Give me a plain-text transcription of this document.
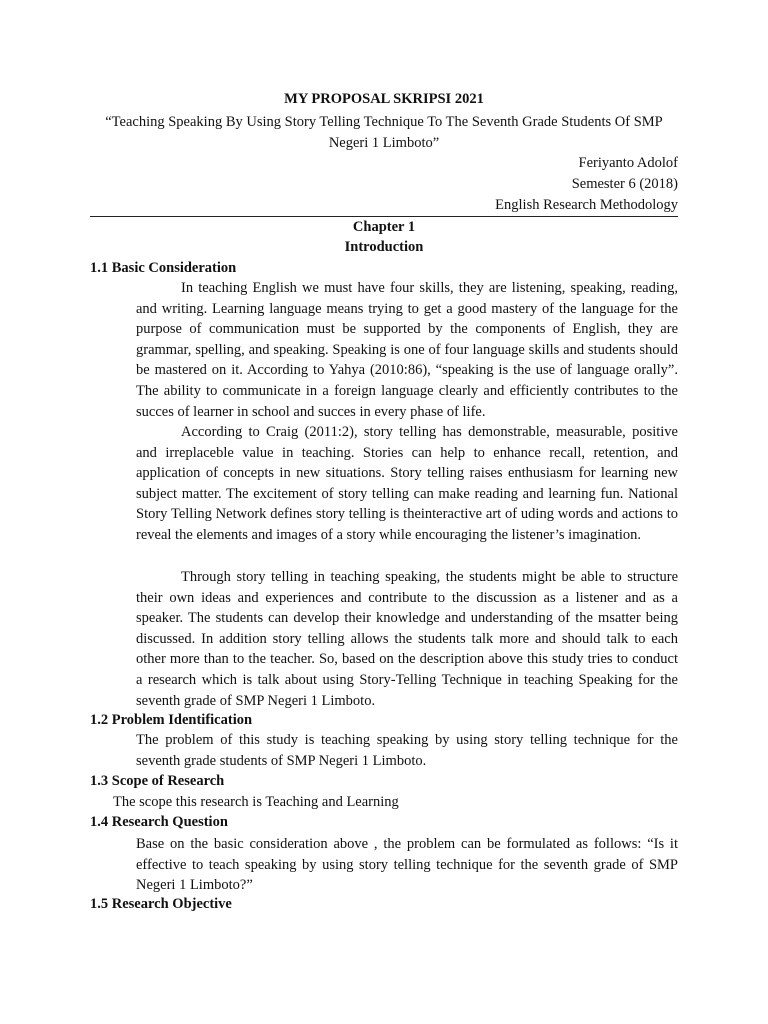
MY PROPOSAL SKRIPSI 2021
“Teaching Speaking By Using Story Telling Technique To The Seventh Grade Students Of SMP Negeri 1 Limboto”
Feriyanto Adolof
Semester 6 (2018)
English Research Methodology
Chapter 1
Introduction
1.1 Basic Consideration

In teaching English we must have four skills, they are listening, speaking, reading, and writing. Learning language means trying to get a good mastery of the language for the purpose of communication must be supported by the components of English, they are grammar, spelling, and speaking. Speaking is one of four language skills and students should be mastered on it. According to Yahya (2010:86), “speaking is the use of language orally”. The ability to communicate in a foreign language clearly and efficiently contributes to the succes of learner in school and succes in every phase of life.

According to Craig (2011:2), story telling has demonstrable, measurable, positive and irreplaceble value in teaching. Stories can help to enhance recall, retention, and application of concepts in new situations. Story telling raises enthusiasm for learning new subject matter. The excitement of story telling can make reading and learning fun. National Story Telling Network defines story telling is theinteractive art of uding words and actions to reveal the elements and images of a story while encouraging the listener’s imagination.

Through story telling in teaching speaking, the students might be able to structure their own ideas and experiences and contribute to the discussion as a listener and as a speaker. The students can develop their knowledge and understanding of the msatter being discussed. In addition story telling allows the students talk more and should talk to each other more than to the teacher. So, based on the description above this study tries to conduct a research which is talk about using Story-Telling Technique in teaching Speaking for the seventh grade of SMP Negeri 1 Limboto.

1.2 Problem Identification

The problem of this study is teaching speaking by using story telling technique for the seventh grade students of SMP Negeri 1 Limboto.

1.3 Scope of Research

The scope this research is Teaching and Learning

1.4 Research Question

Base on the basic consideration above , the problem can be formulated as follows: “Is it effective to teach speaking by using story telling technique for the seventh grade of SMP Negeri 1 Limboto?”

1.5 Research Objective
